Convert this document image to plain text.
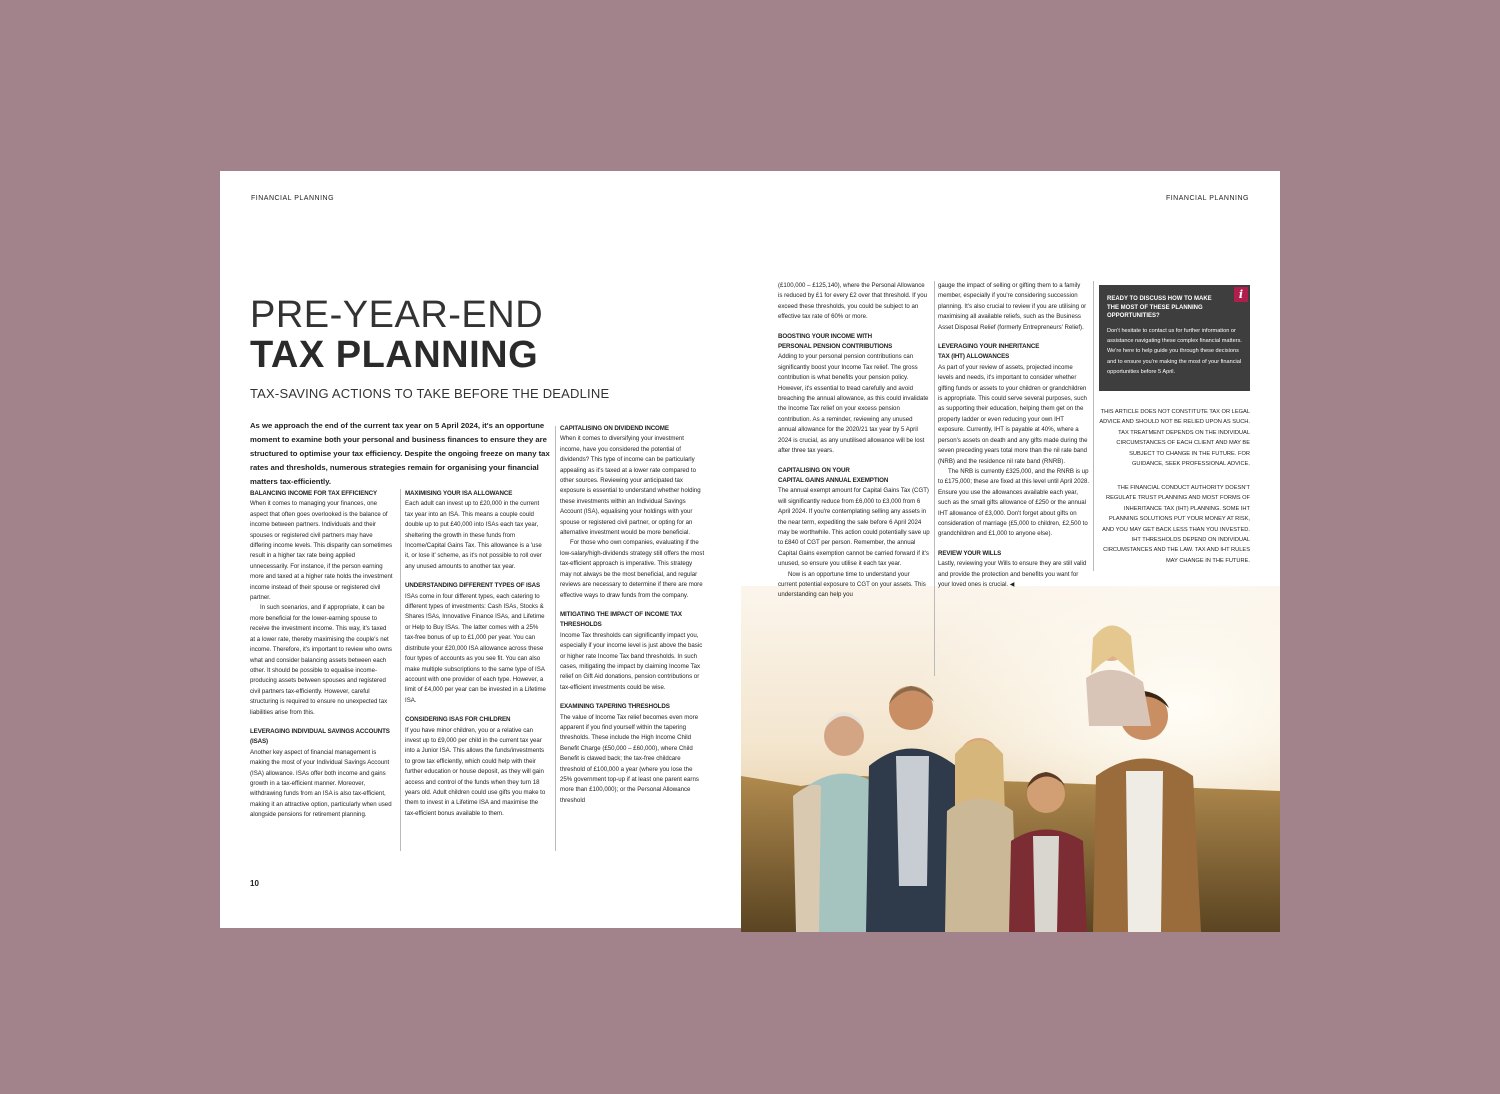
FINANCIAL PLANNING
PRE-YEAR-END
TAX PLANNING
TAX-SAVING ACTIONS TO TAKE BEFORE THE DEADLINE
As we approach the end of the current tax year on 5 April 2024, it's an opportune moment to examine both your personal and business finances to ensure they are structured to optimise your tax efficiency. Despite the ongoing freeze on many tax rates and thresholds, numerous strategies remain for organising your financial matters tax-efficiently.
BALANCING INCOME FOR TAX EFFICIENCY

When it comes to managing your finances, one aspect that often goes overlooked is the balance of income between partners. Individuals and their spouses or registered civil partners may have differing income levels. This disparity can sometimes result in a higher tax rate being applied unnecessarily. For instance, if the person earning more and taxed at a higher rate holds the investment income instead of their spouse or registered civil partner.

In such scenarios, and if appropriate, it can be more beneficial for the lower-earning spouse to receive the investment income. This way, it's taxed at a lower rate, thereby maximising the couple's net income. Therefore, it's important to review who owns what and consider balancing assets between each other. It should be possible to equalise income-producing assets between spouses and registered civil partners tax-efficiently. However, careful structuring is required to ensure no unexpected tax liabilities arise from this.

LEVERAGING INDIVIDUAL SAVINGS ACCOUNTS (ISAS)

Another key aspect of financial management is making the most of your Individual Savings Account (ISA) allowance. ISAs offer both income and gains growth in a tax-efficient manner. Moreover, withdrawing funds from an ISA is also tax-efficient, making it an attractive option, particularly when used alongside pensions for retirement planning.

MAXIMISING YOUR ISA ALLOWANCE

Each adult can invest up to £20,000 in the current tax year into an ISA. This means a couple could double up to put £40,000 into ISAs each tax year, sheltering the growth in these funds from Income/Capital Gains Tax. This allowance is a 'use it, or lose it' scheme, as it's not possible to roll over any unused amounts to another tax year.

UNDERSTANDING DIFFERENT TYPES OF ISAS

ISAs come in four different types, each catering to different types of investments: Cash ISAs, Stocks & Shares ISAs, Innovative Finance ISAs, and Lifetime or Help to Buy ISAs. The latter comes with a 25% tax-free bonus of up to £1,000 per year. You can distribute your £20,000 ISA allowance across these four types of accounts as you see fit. You can also make multiple subscriptions to the same type of ISA account with one provider of each type. However, a limit of £4,000 per year can be invested in a Lifetime ISA.

CONSIDERING ISAS FOR CHILDREN

If you have minor children, you or a relative can invest up to £9,000 per child in the current tax year into a Junior ISA. This allows the funds/investments to grow tax efficiently, which could help with their further education or house deposit, as they will gain access and control of the funds when they turn 18 years old. Adult children could use gifts you make to them to invest in a Lifetime ISA and maximise the tax-efficient bonus available to them.

CAPITALISING ON DIVIDEND INCOME

When it comes to diversifying your investment income, have you considered the potential of dividends? This type of income can be particularly appealing as it's taxed at a lower rate compared to other sources. Reviewing your anticipated tax exposure is essential to understand whether holding these investments within an Individual Savings Account (ISA), equalising your holdings with your spouse or registered civil partner, or opting for an alternative investment would be more beneficial.

For those who own companies, evaluating if the low-salary/high-dividends strategy still offers the most tax-efficient approach is imperative. This strategy may not always be the most beneficial, and regular reviews are necessary to determine if there are more effective ways to draw funds from the company.

MITIGATING THE IMPACT OF INCOME TAX THRESHOLDS

Income Tax thresholds can significantly impact you, especially if your income level is just above the basic or higher rate Income Tax band thresholds. In such cases, mitigating the impact by claiming Income Tax relief on Gift Aid donations, pension contributions or tax-efficient investments could be wise.

EXAMINING TAPERING THRESHOLDS

The value of Income Tax relief becomes even more apparent if you find yourself within the tapering thresholds. These include the High Income Child Benefit Charge (£50,000 – £60,000), where Child Benefit is clawed back; the tax-free childcare threshold of £100,000 a year (where you lose the 25% government top-up if at least one parent earns more than £100,000); or the Personal Allowance threshold

10
FINANCIAL PLANNING

(£100,000 – £125,140), where the Personal Allowance is reduced by £1 for every £2 over that threshold. If you exceed these thresholds, you could be subject to an effective tax rate of 60% or more.

BOOSTING YOUR INCOME WITH
PERSONAL PENSION CONTRIBUTIONS

Adding to your personal pension contributions can significantly boost your Income Tax relief. The gross contribution is what benefits your pension policy. However, it's essential to tread carefully and avoid breaching the annual allowance, as this could invalidate the Income Tax relief on your excess pension contribution. As a reminder, reviewing any unused annual allowance for the 2020/21 tax year by 5 April 2024 is crucial, as any unutilised allowance will be lost after three tax years.

CAPITALISING ON YOUR
CAPITAL GAINS ANNUAL EXEMPTION

The annual exempt amount for Capital Gains Tax (CGT) will significantly reduce from £6,000 to £3,000 from 6 April 2024. If you're contemplating selling any assets in the near term, expediting the sale before 6 April 2024 may be worthwhile. This action could potentially save up to £840 of CGT per person. Remember, the annual Capital Gains exemption cannot be carried forward if it's unused, so ensure you utilise it each tax year.

Now is an opportune time to understand your current potential exposure to CGT on your assets. This understanding can help you

gauge the impact of selling or gifting them to a family member, especially if you're considering succession planning. It's also crucial to review if you are utilising or maximising all available reliefs, such as the Business Asset Disposal Relief (formerly Entrepreneurs' Relief).

LEVERAGING YOUR INHERITANCE
TAX (IHT) ALLOWANCES

As part of your review of assets, projected income levels and needs, it's important to consider whether gifting funds or assets to your children or grandchildren is appropriate. This could serve several purposes, such as supporting their education, helping them get on the property ladder or even reducing your own IHT exposure. Currently, IHT is payable at 40%, where a person's assets on death and any gifts made during the seven preceding years total more than the nil rate band (NRB) and the residence nil rate band (RNRB).

The NRB is currently £325,000, and the RNRB is up to £175,000; these are fixed at this level until April 2028. Ensure you use the allowances available each year, such as the small gifts allowance of £250 or the annual IHT allowance of £3,000. Don't forget about gifts on consideration of marriage (£5,000 to children, £2,500 to grandchildren and £1,000 to anyone else).

REVIEW YOUR WILLS

Lastly, reviewing your Wills to ensure they are still valid and provide the protection and benefits you want for your loved ones is crucial. ◀

i
READY TO DISCUSS HOW TO MAKE THE MOST OF THESE PLANNING OPPORTUNITIES?
Don't hesitate to contact us for further information or assistance navigating these complex financial matters. We're here to help guide you through these decisions and to ensure you're making the most of your financial opportunities before 5 April.
THIS ARTICLE DOES NOT CONSTITUTE TAX OR LEGAL ADVICE AND SHOULD NOT BE RELIED UPON AS SUCH. TAX TREATMENT DEPENDS ON THE INDIVIDUAL CIRCUMSTANCES OF EACH CLIENT AND MAY BE SUBJECT TO CHANGE IN THE FUTURE. FOR GUIDANCE, SEEK PROFESSIONAL ADVICE.
THE FINANCIAL CONDUCT AUTHORITY DOESN'T REGULATE TRUST PLANNING AND MOST FORMS OF INHERITANCE TAX (IHT) PLANNING. SOME IHT PLANNING SOLUTIONS PUT YOUR MONEY AT RISK, AND YOU MAY GET BACK LESS THAN YOU INVESTED. IHT THRESHOLDS DEPEND ON INDIVIDUAL CIRCUMSTANCES AND THE LAW. TAX AND IHT RULES MAY CHANGE IN THE FUTURE.
